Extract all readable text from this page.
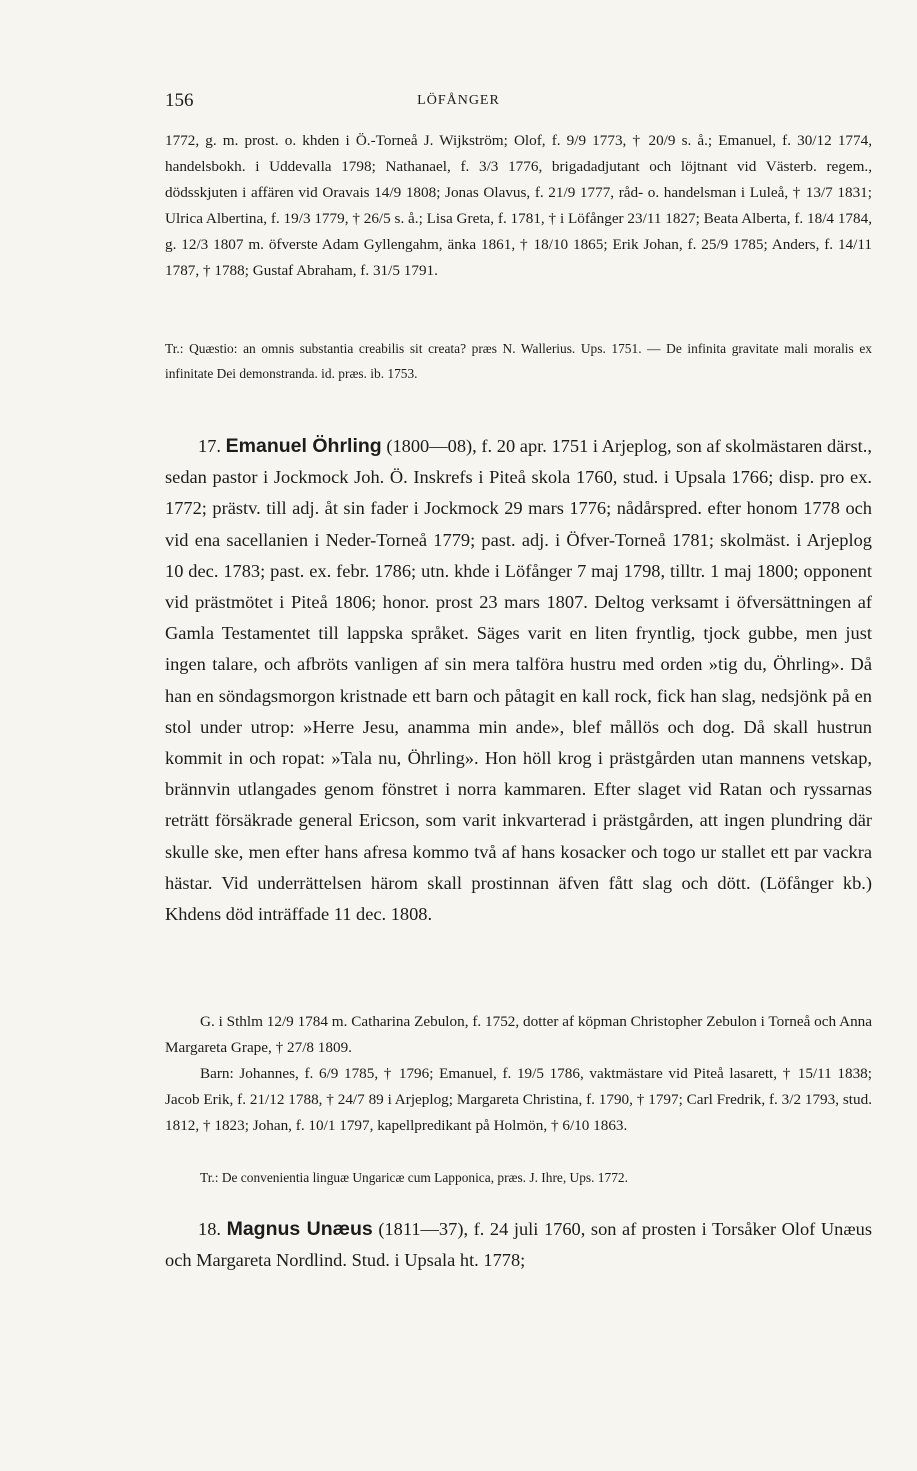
156	LÖFÅNGER
1772, g. m. prost. o. khden i Ö.-Torneå J. Wijkström; Olof, f. 9/9 1773, † 20/9 s. å.; Emanuel, f. 30/12 1774, handelsbokh. i Uddevalla 1798; Nathanael, f. 3/3 1776, brigadadjutant och löjtnant vid Västerb. regem., dödsskjuten i affären vid Oravais 14/9 1808; Jonas Olavus, f. 21/9 1777, råd- o. handelsman i Luleå, † 13/7 1831; Ulrica Albertina, f. 19/3 1779, † 26/5 s. å.; Lisa Greta, f. 1781, † i Löfånger 23/11 1827; Beata Alberta, f. 18/4 1784, g. 12/3 1807 m. öfverste Adam Gyllengahm, änka 1861, † 18/10 1865; Erik Johan, f. 25/9 1785; Anders, f. 14/11 1787, † 1788; Gustaf Abraham, f. 31/5 1791.
Tr.: Quæstio: an omnis substantia creabilis sit creata? præs N. Wallerius. Ups. 1751. — De infinita gravitate mali moralis ex infinitate Dei demonstranda. id. præs. ib. 1753.
17. Emanuel Öhrling (1800—08), f. 20 apr. 1751 i Arjeplog, son af skolmästaren därst., sedan pastor i Jockmock Joh. Ö. Inskrefs i Piteå skola 1760, stud. i Upsala 1766; disp. pro ex. 1772; prästv. till adj. åt sin fader i Jockmock 29 mars 1776; nådårspred. efter honom 1778 och vid ena sacellanien i Neder-Torneå 1779; past. adj. i Öfver-Torneå 1781; skolmäst. i Arjeplog 10 dec. 1783; past. ex. febr. 1786; utn. khde i Löfånger 7 maj 1798, tilltr. 1 maj 1800; opponent vid prästmötet i Piteå 1806; honor. prost 23 mars 1807. Deltog verksamt i öfversättningen af Gamla Testamentet till lappska språket. Säges varit en liten fryntlig, tjock gubbe, men just ingen talare, och afbröts vanligen af sin mera talföra hustru med orden »tig du, Öhrling». Då han en söndagsmorgon kristnade ett barn och påtagit en kall rock, fick han slag, nedsjönk på en stol under utrop: »Herre Jesu, anamma min ande», blef mållös och dog. Då skall hustrun kommit in och ropat: »Tala nu, Öhrling». Hon höll krog i prästgården utan mannens vetskap, brännvin utlangades genom fönstret i norra kammaren. Efter slaget vid Ratan och ryssarnas reträtt försäkrade general Ericson, som varit inkvarterad i prästgården, att ingen plundring där skulle ske, men efter hans afresa kommo två af hans kosacker och togo ur stallet ett par vackra hästar. Vid underrättelsen härom skall prostinnan äfven fått slag och dött. (Löfånger kb.) Khdens död inträffade 11 dec. 1808.
G. i Sthlm 12/9 1784 m. Catharina Zebulon, f. 1752, dotter af köpman Christopher Zebulon i Torneå och Anna Margareta Grape, † 27/8 1809.
Barn: Johannes, f. 6/9 1785, † 1796; Emanuel, f. 19/5 1786, vaktmästare vid Piteå lasarett, † 15/11 1838; Jacob Erik, f. 21/12 1788, † 24/7 89 i Arjeplog; Margareta Christina, f. 1790, † 1797; Carl Fredrik, f. 3/2 1793, stud. 1812, † 1823; Johan, f. 10/1 1797, kapellpredikant på Holmön, † 6/10 1863.
Tr.: De convenientia linguæ Ungaricæ cum Lapponica, præs. J. Ihre, Ups. 1772.
18. Magnus Unæus (1811—37), f. 24 juli 1760, son af prosten i Torsåker Olof Unæus och Margareta Nordlind. Stud. i Upsala ht. 1778;
